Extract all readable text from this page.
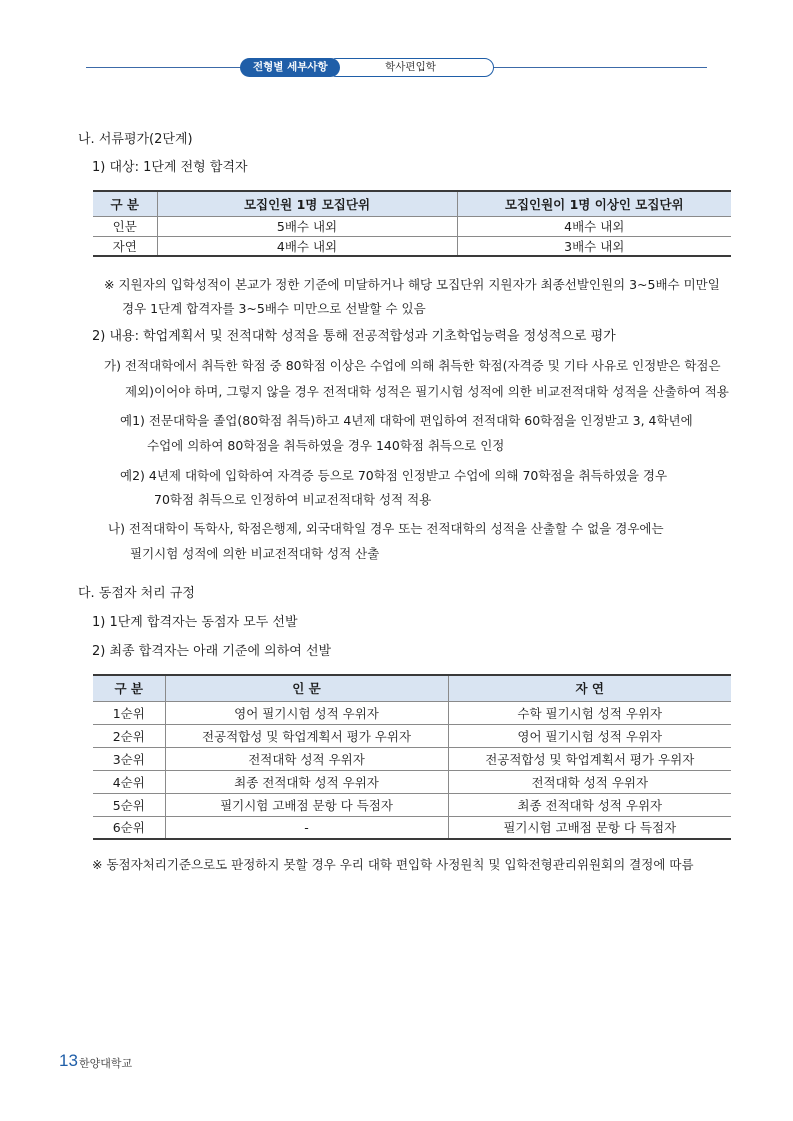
학사편입학
전형별 세부사항
나. 서류평가(2단계)
1) 대상: 1단계 전형 합격자
구 분	모집인원 1명 모집단위	모집인원이 1명 이상인 모집단위
인문	5배수 내외	4배수 내외
자연	4배수 내외	3배수 내외
※ 지원자의 입학성적이 본교가 정한 기준에 미달하거나 해당 모집단위 지원자가 최종선발인원의 3~5배수 미만일
경우 1단계 합격자를 3~5배수 미만으로 선발할 수 있음
2) 내용: 학업계획서 및 전적대학 성적을 통해 전공적합성과 기초학업능력을 정성적으로 평가
가) 전적대학에서 취득한 학점 중 80학점 이상은 수업에 의해 취득한 학점(자격증 및 기타 사유로 인정받은 학점은
제외)이어야 하며, 그렇지 않을 경우 전적대학 성적은 필기시험 성적에 의한 비교전적대학 성적을 산출하여 적용
예1) 전문대학을 졸업(80학점 취득)하고 4년제 대학에 편입하여 전적대학 60학점을 인정받고 3, 4학년에
수업에 의하여 80학점을 취득하였을 경우 140학점 취득으로 인정
예2) 4년제 대학에 입학하여 자격증 등으로 70학점 인정받고 수업에 의해 70학점을 취득하였을 경우
70학점 취득으로 인정하여 비교전적대학 성적 적용
나) 전적대학이 독학사, 학점은행제, 외국대학일 경우 또는 전적대학의 성적을 산출할 수 없을 경우에는
필기시험 성적에 의한 비교전적대학 성적 산출
다. 동점자 처리 규정
1) 1단계 합격자는 동점자 모두 선발
2) 최종 합격자는 아래 기준에 의하여 선발
구 분	인 문	자 연
1순위	영어 필기시험 성적 우위자	수학 필기시험 성적 우위자
2순위	전공적합성 및 학업계획서 평가 우위자	영어 필기시험 성적 우위자
3순위	전적대학 성적 우위자	전공적합성 및 학업계획서 평가 우위자
4순위	최종 전적대학 성적 우위자	전적대학 성적 우위자
5순위	필기시험 고배점 문항 다 득점자	최종 전적대학 성적 우위자
6순위	-	필기시험 고배점 문항 다 득점자
※ 동점자처리기준으로도 판정하지 못할 경우 우리 대학 편입학 사정원칙 및 입학전형관리위원회의 결정에 따름
13 한양대학교
